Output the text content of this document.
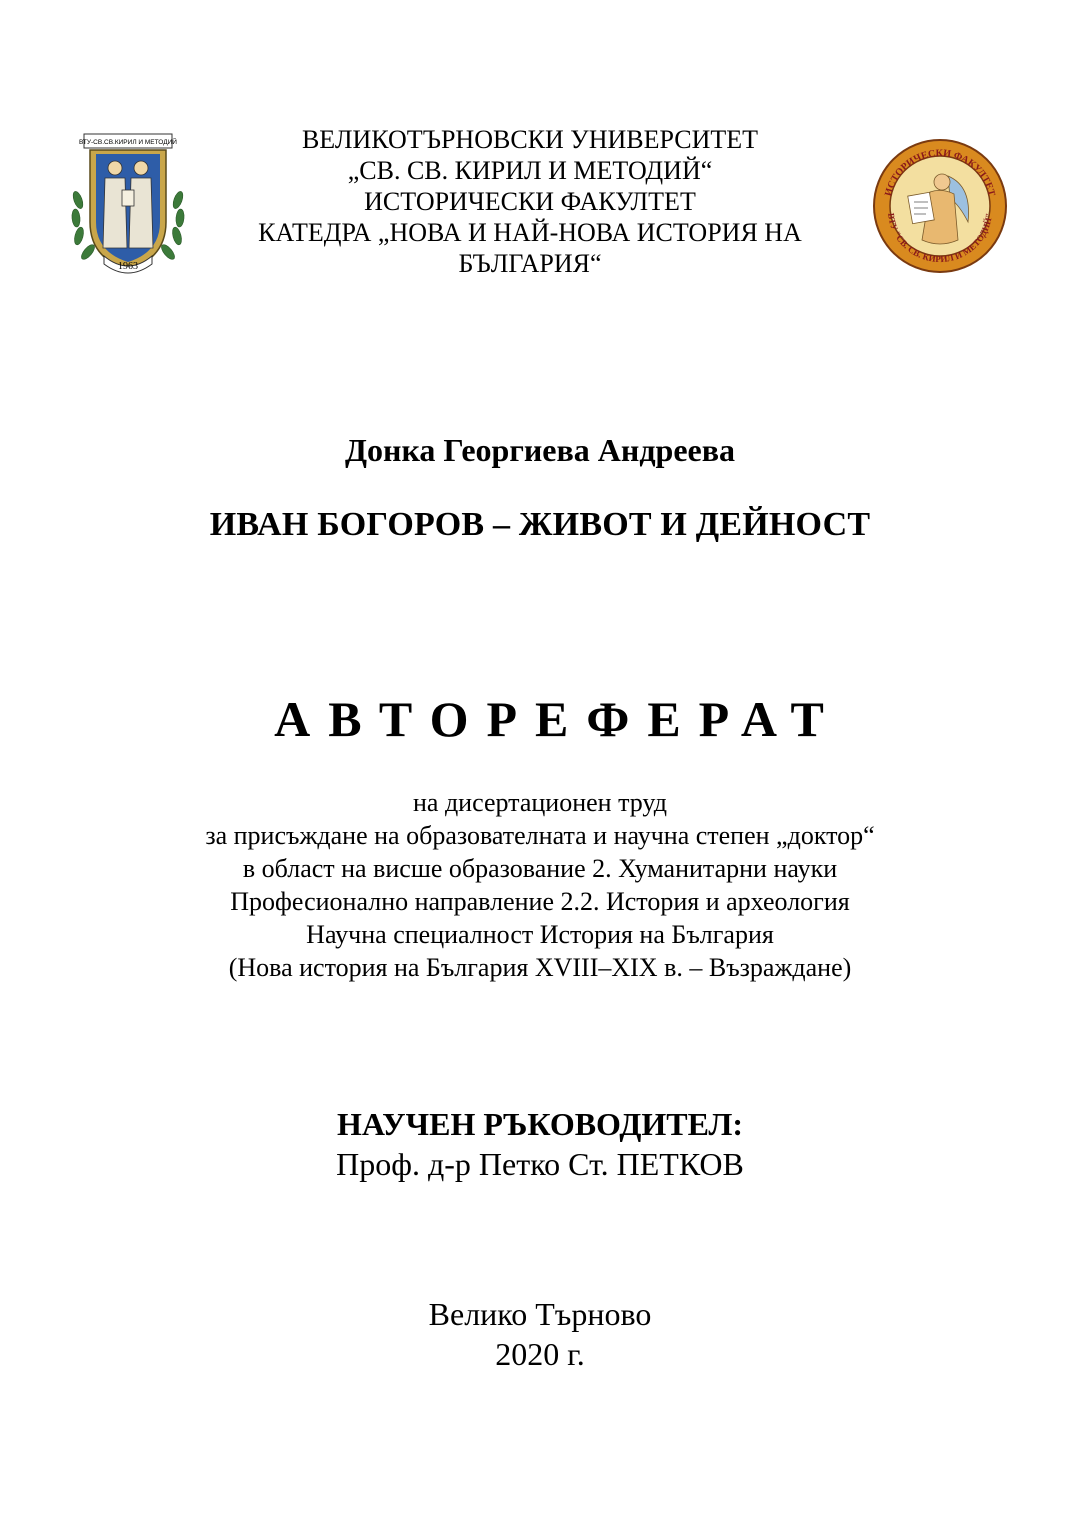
ВТУ-СВ.СВ.КИРИЛ И МЕТОДИЙ
1963
ВЕЛИКОТЪРНОВСКИ УНИВЕРСИТЕТ
„СВ. СВ. КИРИЛ И МЕТОДИЙ“
ИСТОРИЧЕСКИ ФАКУЛТЕТ
КАТЕДРА „НОВА И НАЙ-НОВА ИСТОРИЯ НА
БЪЛГАРИЯ“
ИСТОРИЧЕСКИ ФАКУЛТЕТ
ВТУ "СВ. СВ. КИРИЛ И МЕТОДИЙ"
Донка Георгиева Андреева
ИВАН БОГОРОВ – ЖИВОТ И ДЕЙНОСТ
АВТОРЕФЕРАТ
на дисертационен труд
за присъждане на образователната и научна степен „доктор“
в област на висше образование 2. Хуманитарни науки
Професионално направление 2.2. История и археология
Научна специалност История на България
(Нова история на България XVIII–XIX в. – Възраждане)
НАУЧЕН РЪКОВОДИТЕЛ:
Проф. д-р Петко Ст. ПЕТКОВ
Велико Търново
2020 г.
